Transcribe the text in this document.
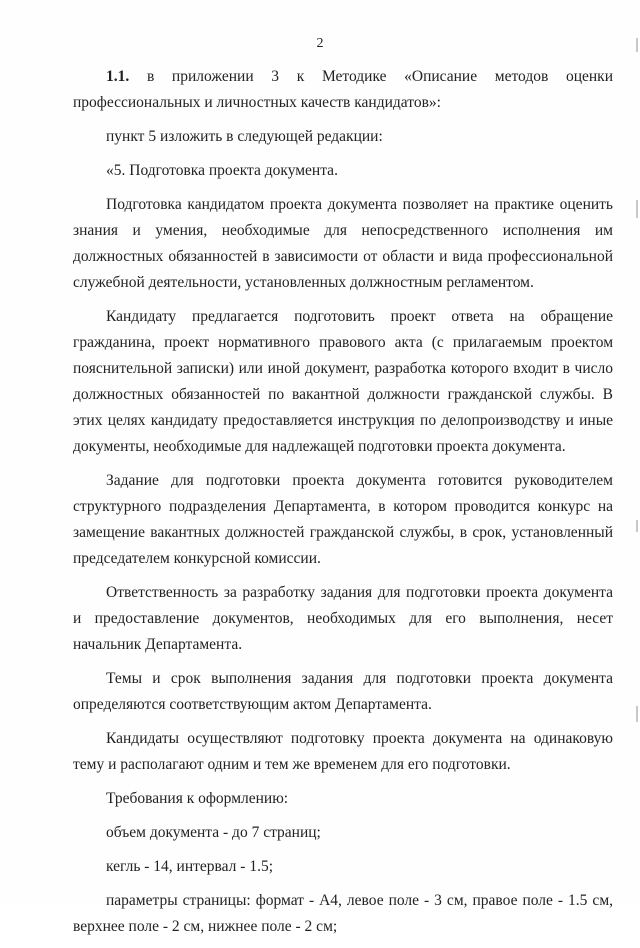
2

1.1. в приложении 3 к Методике «Описание методов оценки профессиональных и личностных качеств кандидатов»:

пункт 5 изложить в следующей редакции:

«5. Подготовка проекта документа.

Подготовка кандидатом проекта документа позволяет на практике оценить знания и умения, необходимые для непосредственного исполнения им должностных обязанностей в зависимости от области и вида профессиональной служебной деятельности, установленных должностным регламентом.

Кандидату предлагается подготовить проект ответа на обращение гражданина, проект нормативного правового акта (с прилагаемым проектом пояснительной записки) или иной документ, разработка которого входит в число должностных обязанностей по вакантной должности гражданской службы. В этих целях кандидату предоставляется инструкция по делопроизводству и иные документы, необходимые для надлежащей подготовки проекта документа.

Задание для подготовки проекта документа готовится руководителем структурного подразделения Департамента, в котором проводится конкурс на замещение вакантных должностей гражданской службы, в срок, установленный председателем конкурсной комиссии.

Ответственность за разработку задания для подготовки проекта документа и предоставление документов, необходимых для его выполнения, несет начальник Департамента.

Темы и срок выполнения задания для подготовки проекта документа определяются соответствующим актом Департамента.

Кандидаты осуществляют подготовку проекта документа на одинаковую тему и располагают одним и тем же временем для его подготовки.

Требования к оформлению:

объем документа - до 7 страниц;

кегль - 14, интервал - 1.5;

параметры страницы: формат - А4, левое поле - 3 см, правое поле - 1.5 см, верхнее поле - 2 см, нижнее поле - 2 см;
